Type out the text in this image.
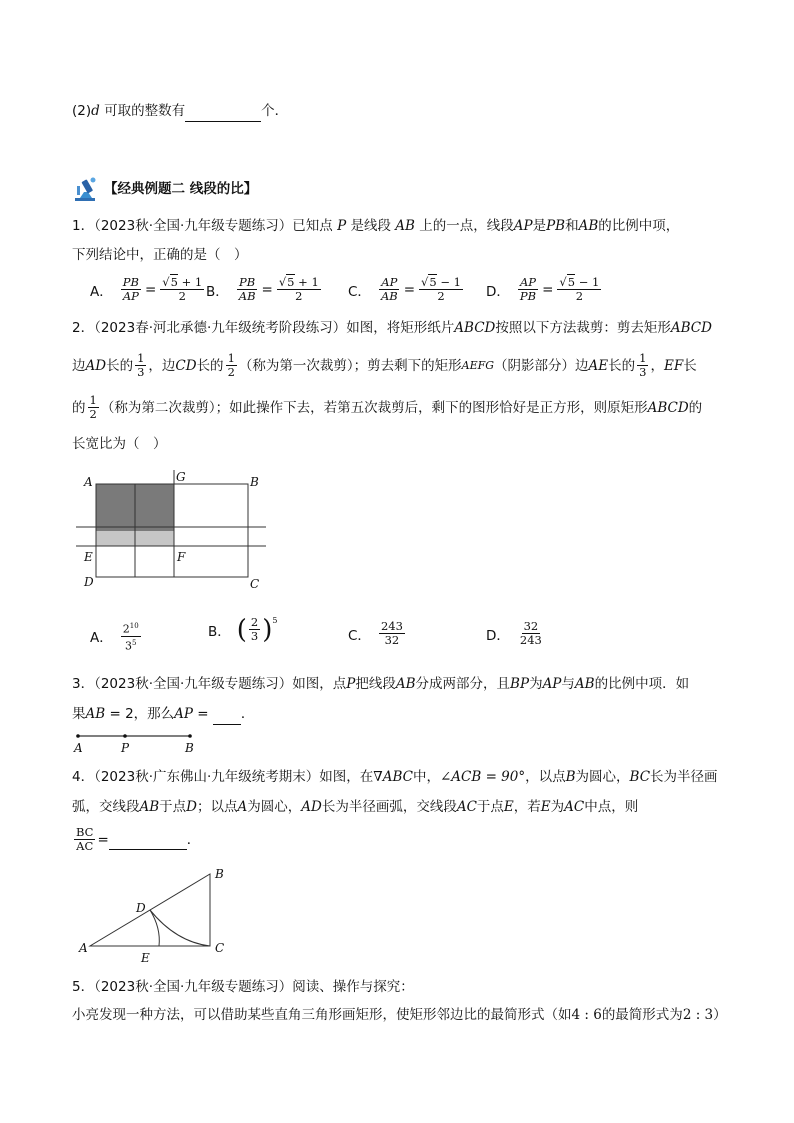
(2)d 可取的整数有	个．
【经典例题二 线段的比】
1．（2023秋·全国·九年级专题练习）已知点 P 是线段 AB 上的一点，线段AP是PB和AB的比例中项，
下列结论中，正确的是（　）
A． $\frac{PB}{AP} = \frac{√5 + 1}{2}$ B． $\frac{PB}{AB} = \frac{√5 + 1}{2}$ C． $\frac{AP}{AB} = \frac{√5 - 1}{2}$ D． $\frac{AP}{PB} = \frac{√5 - 1}{2}$
2．（2023春·河北承德·九年级统考阶段练习）如图，将矩形纸片ABCD按照以下方法裁剪：剪去矩形ABCD
边 AD 长的 $\frac{1}{3}$ ，边 CD 长的 $\frac{1}{2}$ （称为第一次裁剪）；剪去剩下的矩形 AEFG （阴影部分）边 AE 长的 $\frac{1}{3}$ ， EF 长
的 $\frac{1}{2}$ （称为第二次裁剪）；如此操作下去，若第五次裁剪后，剩下的图形恰好是正方形，则原矩形 ABCD 的
长宽比为（　）
A	G	B
E	F
D	C
A． $\frac{2^{10}}{3^5}$	B． ( $\frac{2}{3} )^5$
C． $\frac{243}{32}$	D． $\frac{32}{243}$
3．（2023秋·全国·九年级专题练习）如图，点P把线段AB分成两部分，且BP为AP与AB的比例中项．如
果AB = 2，那么AP =  ．
A	P	B
4．（2023秋·广东佛山·九年级统考期末）如图，在∇ABC中，∠ACB = 90°，以点B为圆心，BC长为半径画
弧，交线段AB于点D；以点A为圆心，AD长为半径画弧，交线段AC于点E，若E为AC中点，则
$\frac{BC}{AC}$ =
	．
A
B
C
D
E
5．（2023秋·全国·九年级专题练习）阅读、操作与探究：
小亮发现一种方法，可以借助某些直角三角形画矩形，使矩形邻边比的最简形式（如4 : 6的最简形式为2 : 3）
